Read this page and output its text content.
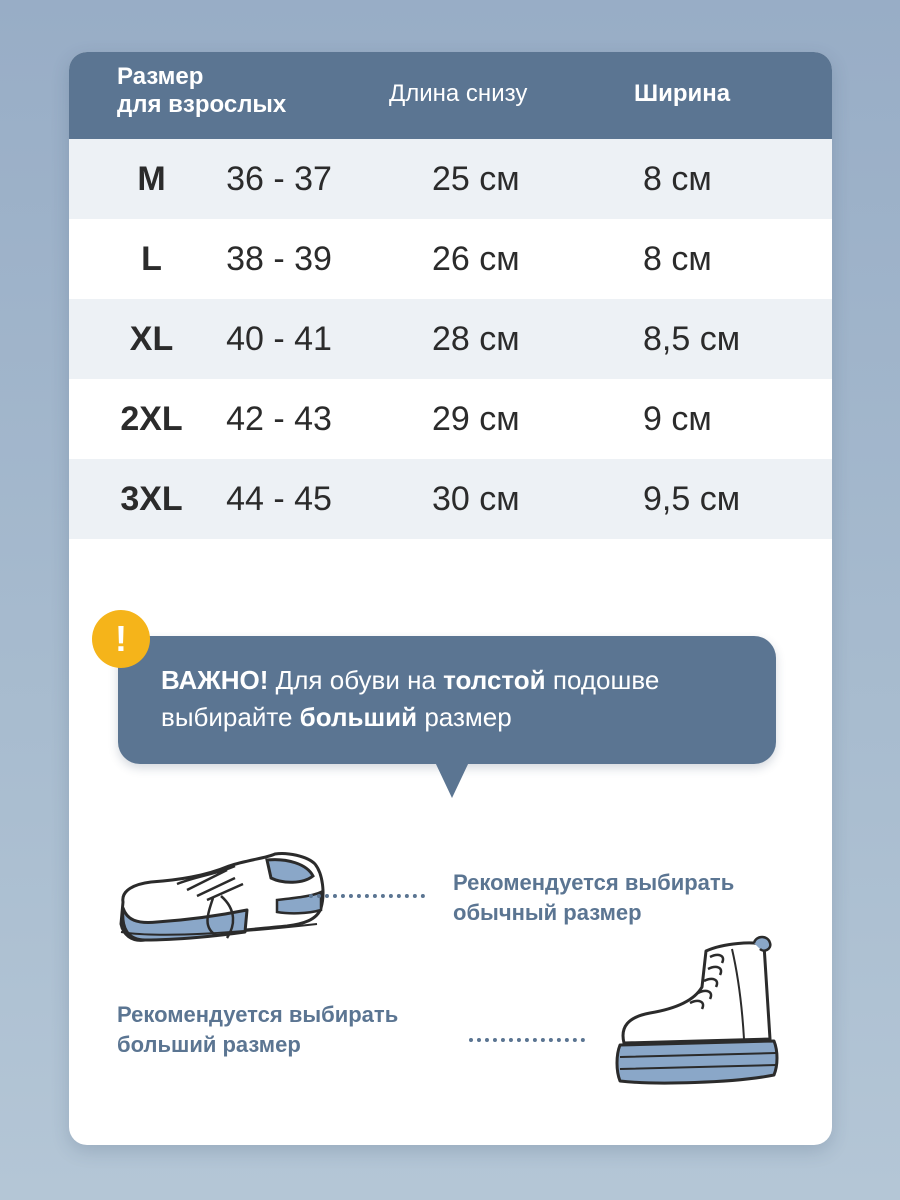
Размер
для взрослых	Длина снизу	Ширина
M	36 - 37	25 см	8 см
L	38 - 39	26 см	8 см
XL	40 - 41	28 см	8,5 см
2XL	42 - 43	29 см	9 см
3XL	44 - 45	30 см	9,5 см
ВАЖНО! Для обуви на толстой подошве выбирайте больший размер
!
Рекомендуется выбирать
обычный размер
Рекомендуется выбирать
больший размер
